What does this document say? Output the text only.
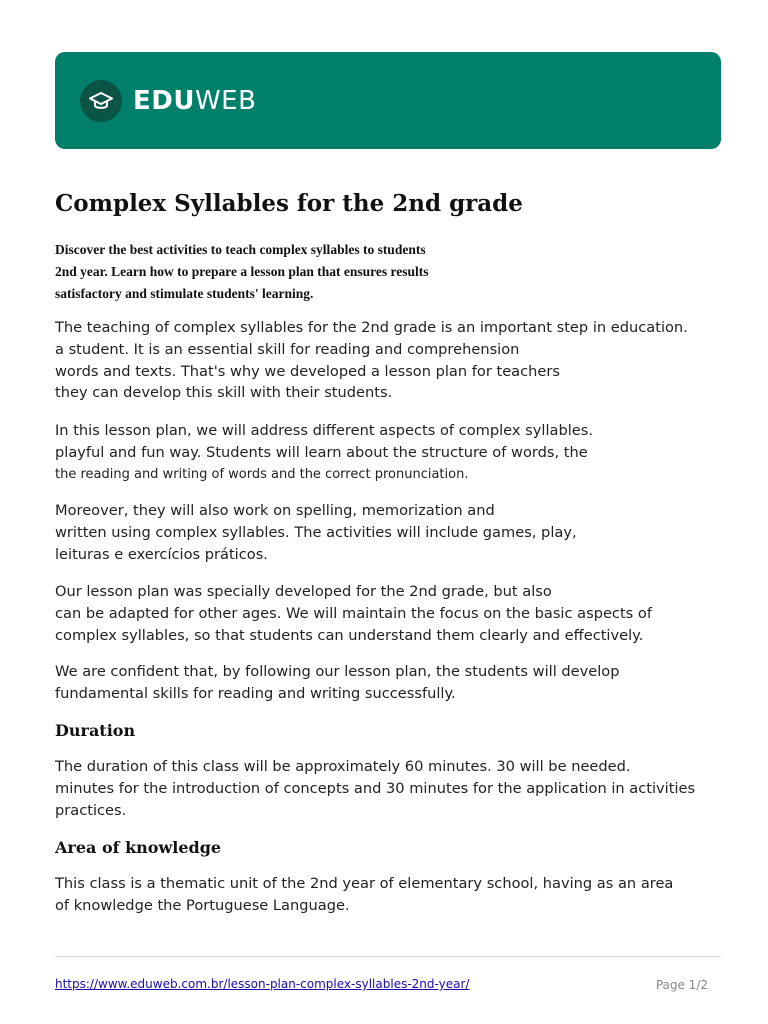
EDUWEB
Complex Syllables for the 2nd grade

Discover the best activities to teach complex syllables to students
2nd year. Learn how to prepare a lesson plan that ensures results
satisfactory and stimulate students' learning.

The teaching of complex syllables for the 2nd grade is an important step in education.
a student. It is an essential skill for reading and comprehension
words and texts. That's why we developed a lesson plan for teachers
they can develop this skill with their students.

In this lesson plan, we will address different aspects of complex syllables.
playful and fun way. Students will learn about the structure of words, the
the reading and writing of words and the correct pronunciation.

Moreover, they will also work on spelling, memorization and
written using complex syllables. The activities will include games, play,
leituras e exercícios práticos.

Our lesson plan was specially developed for the 2nd grade, but also
can be adapted for other ages. We will maintain the focus on the basic aspects of
complex syllables, so that students can understand them clearly and effectively.

We are confident that, by following our lesson plan, the students will develop
fundamental skills for reading and writing successfully.

Duration

The duration of this class will be approximately 60 minutes. 30 will be needed.
minutes for the introduction of concepts and 30 minutes for the application in activities
practices.

Area of knowledge

This class is a thematic unit of the 2nd year of elementary school, having as an area
of knowledge the Portuguese Language.

https://www.eduweb.com.br/lesson-plan-complex-syllables-2nd-year/	Page 1/2
